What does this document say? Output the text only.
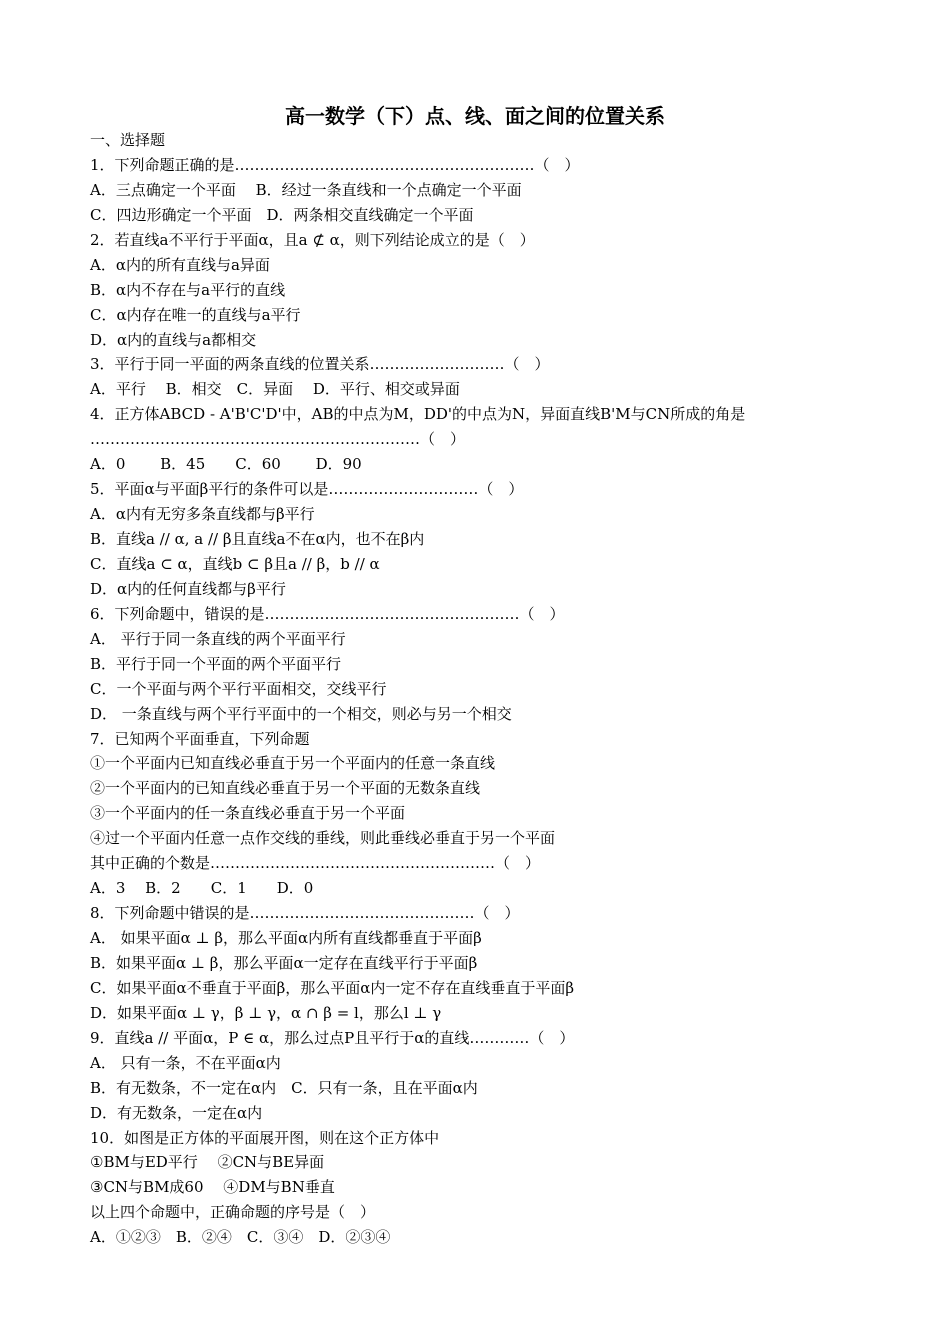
高一数学（下）点、线、面之间的位置关系
一、选择题
1．下列命题正确的是……………………………………………………（　）
A．三点确定一个平面　 B．经过一条直线和一个点确定一个平面
C．四边形确定一个平面　D．两条相交直线确定一个平面
2．若直线a不平行于平面α，且a ⊄ α，则下列结论成立的是（　）
A．α内的所有直线与a异面
B．α内不存在与a平行的直线
C．α内存在唯一的直线与a平行
D．α内的直线与a都相交
3．平行于同一平面的两条直线的位置关系………………………（　）
A．平行　 B．相交　C．异面　 D．平行、相交或异面
4．正方体ABCD - A'B'C'D'中，AB的中点为M，DD'的中点为N，异面直线B'M与CN所成的角是
…………………………………………………………（　）
A．0　　 B．45　　C．60　　 D．90
5．平面α与平面β平行的条件可以是…………………………（　）
A．α内有无穷多条直线都与β平行
B．直线a // α, a // β且直线a不在α内，也不在β内
C．直线a ⊂ α，直线b ⊂ β且a // β，b // α
D．α内的任何直线都与β平行
6．下列命题中，错误的是……………………………………………（　）
A． 平行于同一条直线的两个平面平行
B．平行于同一个平面的两个平面平行
C．一个平面与两个平行平面相交，交线平行
D． 一条直线与两个平行平面中的一个相交，则必与另一个相交
7．已知两个平面垂直，下列命题
①一个平面内已知直线必垂直于另一个平面内的任意一条直线
②一个平面内的已知直线必垂直于另一个平面的无数条直线
③一个平面内的任一条直线必垂直于另一个平面
④过一个平面内任意一点作交线的垂线，则此垂线必垂直于另一个平面
其中正确的个数是…………………………………………………（　）
A．3　 B．2　　C．1　　D．0
8．下列命题中错误的是………………………………………（　）
A． 如果平面α ⊥ β，那么平面α内所有直线都垂直于平面β
B．如果平面α ⊥ β，那么平面α一定存在直线平行于平面β
C．如果平面α不垂直于平面β，那么平面α内一定不存在直线垂直于平面β
D．如果平面α ⊥ γ，β ⊥ γ，α ∩ β = l，那么l ⊥ γ
9．直线a // 平面α，P ∈ α，那么过点P且平行于α的直线…………（　）
A． 只有一条，不在平面α内
B．有无数条，不一定在α内　C．只有一条，且在平面α内
D．有无数条，一定在α内
10．如图是正方体的平面展开图，则在这个正方体中
①BM与ED平行　 ②CN与BE异面
③CN与BM成60　 ④DM与BN垂直
以上四个命题中，正确命题的序号是（　）
A．①②③　B．②④　C．③④　D．②③④
